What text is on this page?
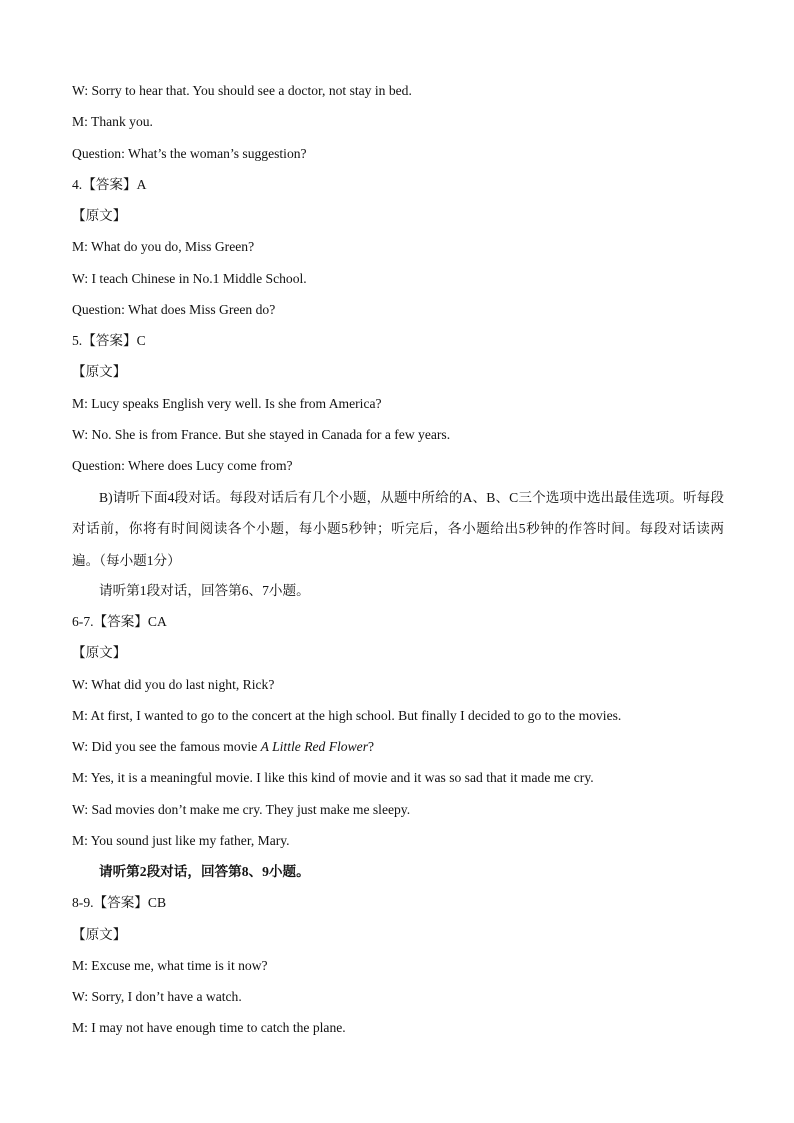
W: Sorry to hear that. You should see a doctor, not stay in bed.
M: Thank you.
Question: What’s the woman’s suggestion?
4.【答案】A
【原文】
M: What do you do, Miss Green?
W: I teach Chinese in No.1 Middle School.
Question: What does Miss Green do?
5.【答案】C
【原文】
M: Lucy speaks English very well. Is she from America?
W: No. She is from France. But she stayed in Canada for a few years.
Question: Where does Lucy come from?
B)请听下面4段对话。每段对话后有几个小题，从题中所给的A、B、C三个选项中选出最佳选项。听每段对话前，你将有时间阅读各个小题，每小题5秒钟；听完后，各小题给出5秒钟的作答时间。每段对话读两遍。（每小题1分）
请听第1段对话，回答第6、7小题。
6-7.【答案】CA
【原文】
W: What did you do last night, Rick?
M: At first, I wanted to go to the concert at the high school. But finally I decided to go to the movies.
W: Did you see the famous movie A Little Red Flower?
M: Yes, it is a meaningful movie. I like this kind of movie and it was so sad that it made me cry.
W: Sad movies don’t make me cry. They just make me sleepy.
M: You sound just like my father, Mary.
请听第2段对话，回答第8、9小题。
8-9.【答案】CB
【原文】
M: Excuse me, what time is it now?
W: Sorry, I don’t have a watch.
M: I may not have enough time to catch the plane.
